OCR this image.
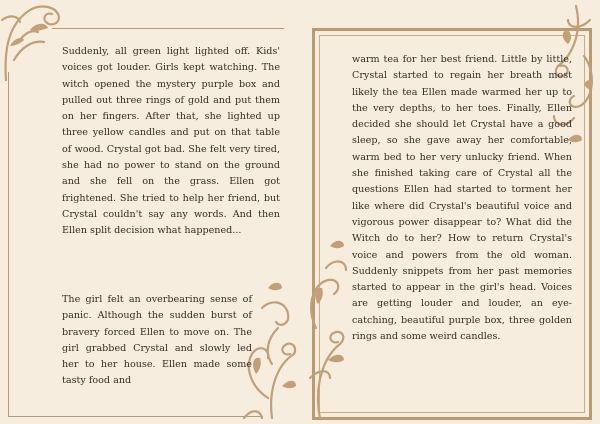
Suddenly, all green light lighted off. Kids' voices got louder. Girls kept watching. The witch opened the mystery purple box and pulled out three rings of gold and put them on her fingers. After that, she lighted up three yellow candles and put on that table of wood. Crystal got bad. She felt very tired, she had no power to stand on the ground and she fell on the grass. Ellen got frightened. She tried to help her friend, but Crystal couldn't say any words. And then Ellen split decision what happened...

The girl felt an overbearing sense of panic. Although the sudden burst of bravery forced Ellen to move on. The girl grabbed Crystal and slowly led her to her house. Ellen made some tasty food and

warm tea for her best friend. Little by little, Crystal started to regain her breath most likely the tea Ellen made warmed her up to the very depths, to her toes. Finally, Ellen decided she should let Crystal have a good sleep, so she gave away her comfortable, warm bed to her very unlucky friend. When she finished taking care of Crystal all the questions Ellen had started to torment her like where did Crystal's beautiful voice and vigorous power disappear to? What did the Witch do to her? How to return Crystal's voice and powers from the old woman. Suddenly snippets from her past memories started to appear in the girl's head. Voices are getting louder and louder, an eye-catching, beautiful purple box, three golden rings and some weird candles.
